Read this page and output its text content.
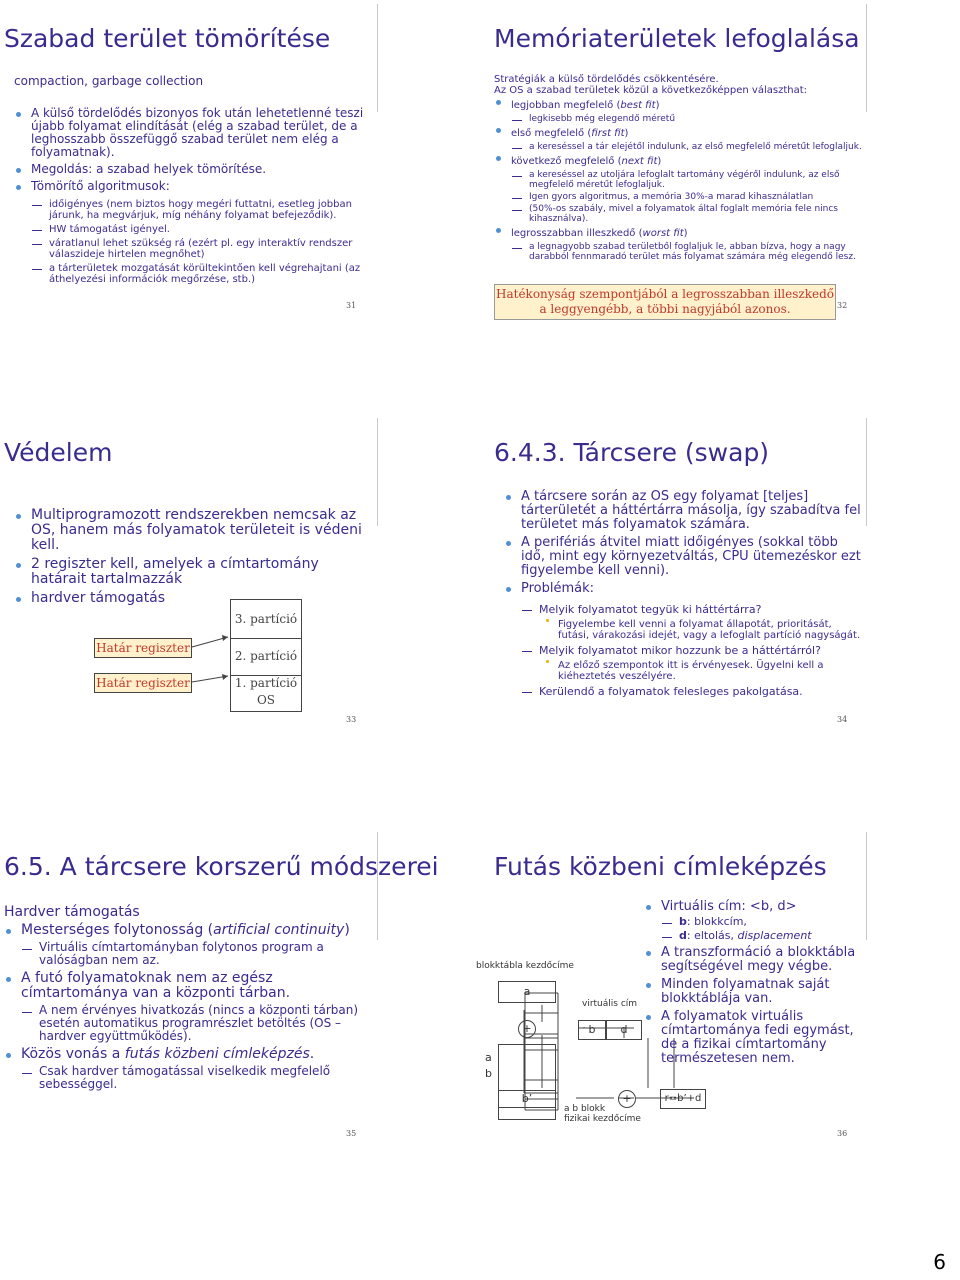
Szabad terület tömörítése
compaction, garbage collection
A külső tördelődés bizonyos fok után lehetetlenné teszi újabb folyamat elindítását (elég a szabad terület, de a leghosszabb összefüggő szabad terület nem elég a folyamatnak).
Megoldás: a szabad helyek tömörítése.
Tömörítő algoritmusok:
időigényes (nem biztos hogy megéri futtatni, esetleg jobban járunk, ha megvárjuk, míg néhány folyamat befejeződik).
HW támogatást igényel.
váratlanul lehet szükség rá (ezért pl. egy interaktív rendszer válaszideje hirtelen megnőhet)
a tárterületek mozgatását körültekintően kell végrehajtani (az áthelyezési információk megőrzése, stb.)
31
Memóriaterületek lefoglalása
Stratégiák a külső tördelődés csökkentésére.
Az OS a szabad területek közül a következőképpen választhat:
legjobban megfelelő (best fit)
legkisebb még elegendő méretű
első megfelelő (first fit)
a kereséssel a tár elejétől indulunk, az első megfelelő méretűt lefoglaljuk.
következő megfelelő (next fit)
a kereséssel az utoljára lefoglalt tartomány végéről indulunk, az első megfelelő méretűt lefoglaljuk.
Igen gyors algoritmus, a memória 30%-a marad kihasználatlan
(50%-os szabály, mivel a folyamatok által foglalt memória fele nincs kihasználva).
legrosszabban illeszkedő (worst fit)
a legnagyobb szabad területből foglaljuk le, abban bízva, hogy a nagy darabból fennmaradó terület más folyamat számára még elegendő lesz.
Hatékonyság szempontjából a legrosszabban illeszkedő a leggyengébb, a többi nagyjából azonos.	32
Védelem
Multiprogramozott rendszerekben nemcsak az OS, hanem más folyamatok területeit is védeni kell.
2 regiszter kell, amelyek a címtartomány határait tartalmazzák
hardver támogatás
3. partíció
2. partíció
1. partíció
OS
Határ regiszter
Határ regiszter
33
6.4.3. Tárcsere (swap)
A tárcsere során az OS egy folyamat [teljes] tárterületét a háttértárra másolja, így szabadítva fel területet más folyamatok számára.
A perifériás átvitel miatt időigényes (sokkal több idő, mint egy környezetváltás, CPU ütemezéskor ezt figyelembe kell venni).
Problémák:
Melyik folyamatot tegyük ki háttértárra?
Figyelembe kell venni a folyamat állapotát, prioritását, futási, várakozási idejét, vagy a lefoglalt partíció nagyságát.
Melyik folyamatot mikor hozzunk be a háttértárról?
Az előző szempontok itt is érvényesek. Ügyelni kell a kiéheztetés veszélyére.
Kerülendő a folyamatok felesleges pakolgatása.
34
6.5. A tárcsere korszerű módszerei
Hardver támogatás
Mesterséges folytonosság (artificial continuity)
Virtuális címtartományban folytonos program a valóságban nem az.
A futó folyamatoknak nem az egész címtartománya van a központi tárban.
A nem érvényes hivatkozás (nincs a központi tárban) esetén automatikus programrészlet betöltés (OS – hardver együttműködés).
Közös vonás a futás közbeni címleképzés.
Csak hardver támogatással viselkedik megfelelő sebességgel.
35
Futás közbeni címleképzés
blokktábla kezdőcíme
virtuális cím
a b blokk
fizikai kezdőcíme
a
+	b	d
a
b
b’	+	r=b’+d
Virtuális cím: <b, d>
b: blokkcím,
d: eltolás, displacement
A transzformáció a blokktábla segítségével megy végbe.
Minden folyamatnak saját blokktáblája van.
A folyamatok virtuális címtartománya fedi egymást, de a fizikai címtartomány természetesen nem.
36
6
